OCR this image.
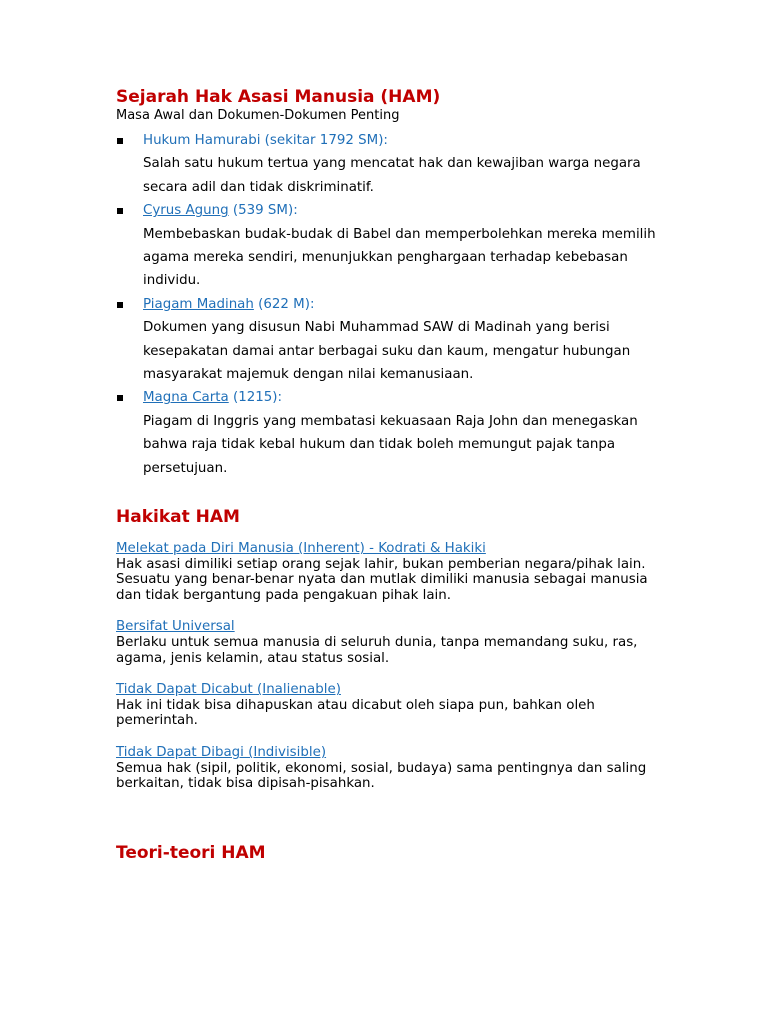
Sejarah Hak Asasi Manusia (HAM)

Masa Awal dan Dokumen-Dokumen Penting

Hukum Hamurabi (sekitar 1792 SM):
Salah satu hukum tertua yang mencatat hak dan kewajiban warga negara secara adil dan tidak diskriminatif.
Cyrus Agung (539 SM):
Membebaskan budak-budak di Babel dan memperbolehkan mereka memilih agama mereka sendiri, menunjukkan penghargaan terhadap kebebasan individu.
Piagam Madinah (622 M):
Dokumen yang disusun Nabi Muhammad SAW di Madinah yang berisi kesepakatan damai antar berbagai suku dan kaum, mengatur hubungan masyarakat majemuk dengan nilai kemanusiaan.
Magna Carta (1215):
Piagam di Inggris yang membatasi kekuasaan Raja John dan menegaskan bahwa raja tidak kebal hukum dan tidak boleh memungut pajak tanpa persetujuan.
Hakikat HAM
Melekat pada Diri Manusia (Inherent) - Kodrati & Hakiki
Hak asasi dimiliki setiap orang sejak lahir, bukan pemberian negara/pihak lain.
Sesuatu yang benar-benar nyata dan mutlak dimiliki manusia sebagai manusia dan tidak bergantung pada pengakuan pihak lain.
Bersifat Universal
Berlaku untuk semua manusia di seluruh dunia, tanpa memandang suku, ras, agama, jenis kelamin, atau status sosial.
Tidak Dapat Dicabut (Inalienable)
Hak ini tidak bisa dihapuskan atau dicabut oleh siapa pun, bahkan oleh pemerintah.
Tidak Dapat Dibagi (Indivisible)
Semua hak (sipil, politik, ekonomi, sosial, budaya) sama pentingnya dan saling berkaitan, tidak bisa dipisah-pisahkan.
Teori-teori HAM
